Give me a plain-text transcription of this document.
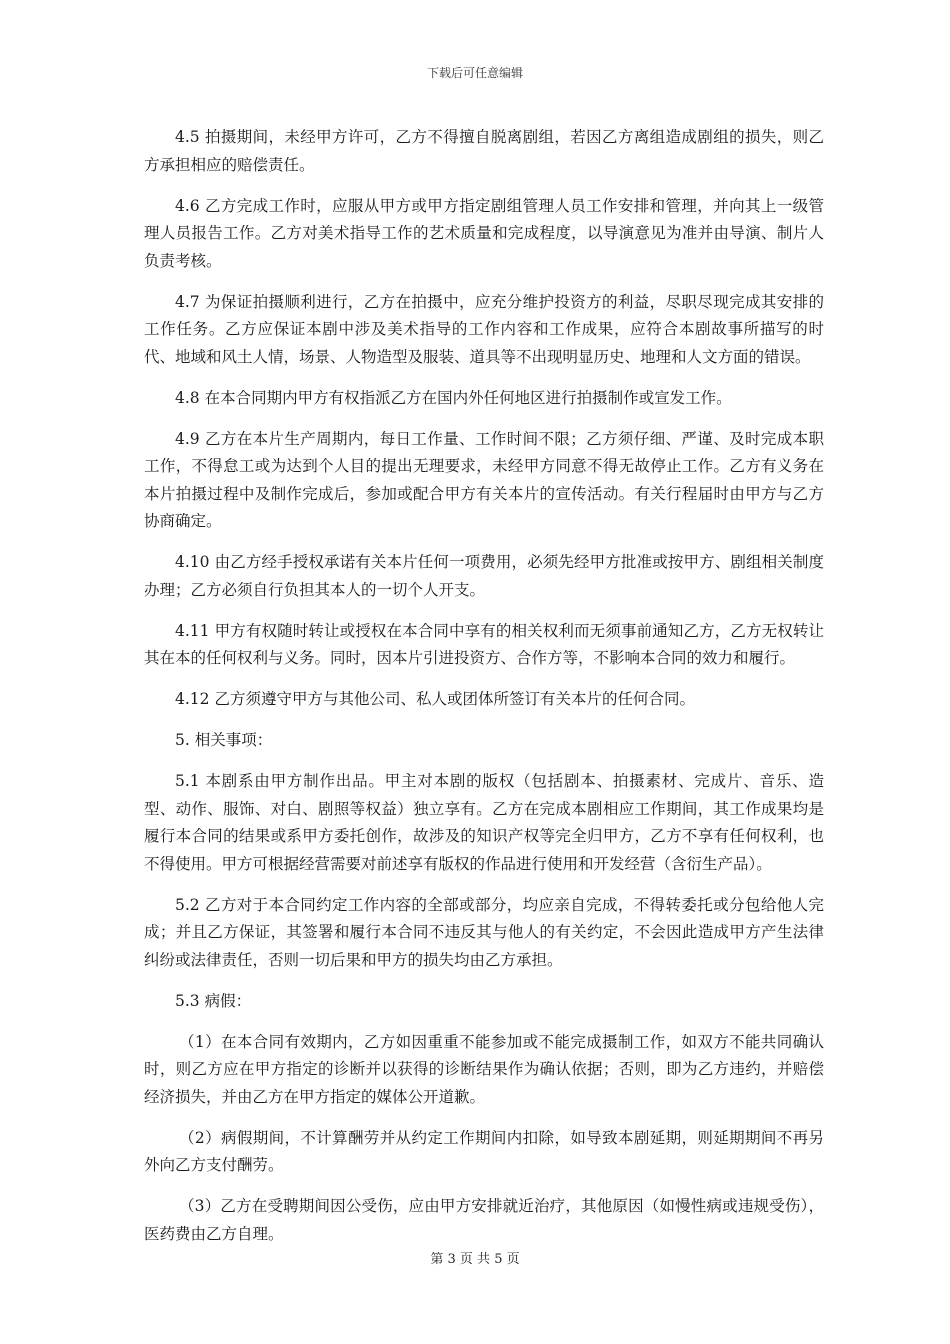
下载后可任意编辑

4.5 拍摄期间，未经甲方许可，乙方不得擅自脱离剧组，若因乙方离组造成剧组的损失，则乙方承担相应的赔偿责任。

4.6 乙方完成工作时，应服从甲方或甲方指定剧组管理人员工作安排和管理，并向其上一级管理人员报告工作。乙方对美术指导工作的艺术质量和完成程度，以导演意见为准并由导演、制片人负责考核。

4.7 为保证拍摄顺利进行，乙方在拍摄中，应充分维护投资方的利益，尽职尽现完成其安排的工作任务。乙方应保证本剧中涉及美术指导的工作内容和工作成果，应符合本剧故事所描写的时代、地域和风土人情，场景、人物造型及服装、道具等不出现明显历史、地理和人文方面的错误。

4.8 在本合同期内甲方有权指派乙方在国内外任何地区进行拍摄制作或宣发工作。

4.9 乙方在本片生产周期内，每日工作量、工作时间不限；乙方须仔细、严谨、及时完成本职工作，不得怠工或为达到个人目的提出无理要求，未经甲方同意不得无故停止工作。乙方有义务在本片拍摄过程中及制作完成后，参加或配合甲方有关本片的宣传活动。有关行程届时由甲方与乙方协商确定。

4.10 由乙方经手授权承诺有关本片任何一项费用，必须先经甲方批准或按甲方、剧组相关制度办理；乙方必须自行负担其本人的一切个人开支。

4.11 甲方有权随时转让或授权在本合同中享有的相关权利而无须事前通知乙方，乙方无权转让其在本的任何权利与义务。同时，因本片引进投资方、合作方等，不影响本合同的效力和履行。

4.12 乙方须遵守甲方与其他公司、私人或团体所签订有关本片的任何合同。

5. 相关事项：

5.1 本剧系由甲方制作出品。甲主对本剧的版权（包括剧本、拍摄素材、完成片、音乐、造型、动作、服饰、对白、剧照等权益）独立享有。乙方在完成本剧相应工作期间，其工作成果均是履行本合同的结果或系甲方委托创作，故涉及的知识产权等完全归甲方，乙方不享有任何权利，也不得使用。甲方可根据经营需要对前述享有版权的作品进行使用和开发经营（含衍生产品）。

5.2 乙方对于本合同约定工作内容的全部或部分，均应亲自完成，不得转委托或分包给他人完成；并且乙方保证，其签署和履行本合同不违反其与他人的有关约定，不会因此造成甲方产生法律纠纷或法律责任，否则一切后果和甲方的损失均由乙方承担。

5.3 病假：

（1）在本合同有效期内，乙方如因重重不能参加或不能完成摄制工作，如双方不能共同确认时，则乙方应在甲方指定的诊断并以获得的诊断结果作为确认依据；否则，即为乙方违约，并赔偿经济损失，并由乙方在甲方指定的媒体公开道歉。

（2）病假期间，不计算酬劳并从约定工作期间内扣除，如导致本剧延期，则延期期间不再另外向乙方支付酬劳。

（3）乙方在受聘期间因公受伤，应由甲方安排就近治疗，其他原因（如慢性病或违规受伤），医药费由乙方自理。

第 3 页 共 5 页
